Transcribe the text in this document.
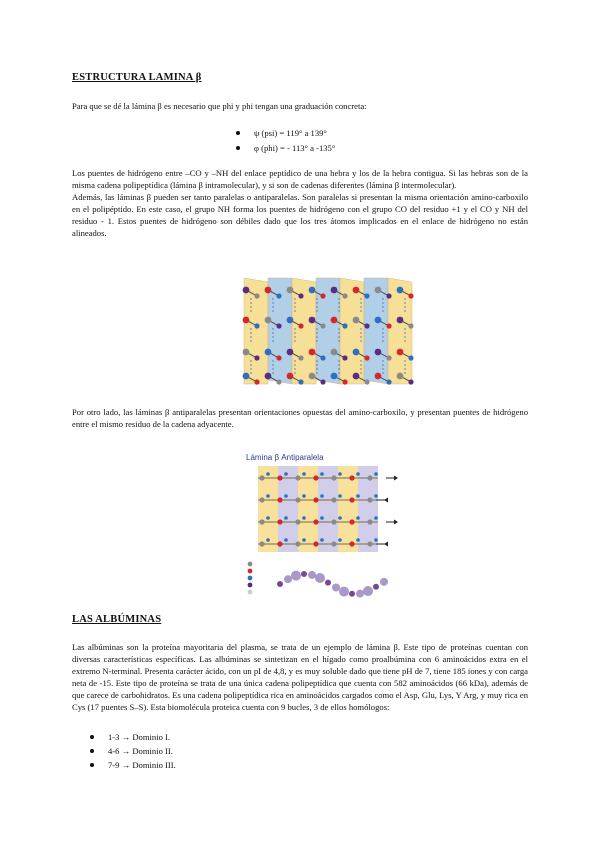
ESTRUCTURA LAMINA β

Para que se dé la lámina β es necesario que phi y phi tengan una graduación concreta:

ψ (psi) = 119° a 139°
φ (phi) = - 113° a -135°

Los puentes de hidrógeno entre –CO y –NH del enlace peptídico de una hebra y los de la hebra contigua. Si las hebras son de la misma cadena polipeptídica (lámina β intramolecular), y si son de cadenas diferentes (lámina β intermolecular).

Además, las láminas β pueden ser tanto paralelas o antiparalelas. Son paralelas si presentan la misma orientación amino-carboxilo en el polipéptido. En este caso, el grupo NH forma los puentes de hidrógeno con el grupo CO del residuo +1 y el CO y NH del residuo - 1. Estos puentes de hidrógeno son débiles dado que los tres átomos implicados en el enlace de hidrógeno no están alineados.

Por otro lado, las láminas β antiparalelas presentan orientaciones opuestas del amino-carboxilo, y presentan puentes de hidrógeno entre el mismo residuo de la cadena adyacente.

Lámina β Antiparalela
LAS ALBÚMINAS

Las albúminas son la proteína mayoritaria del plasma, se trata de un ejemplo de lámina β. Este tipo de proteínas cuentan con diversas características específicas. Las albúminas se sintetizan en el hígado como proalbúmina con 6 aminoácidos extra en el extremo N-terminal. Presenta carácter ácido, con un pI de 4,8, y es muy soluble dado que tiene pH de 7, tiene 185 iones y con carga neta de -15. Este tipo de proteína se trata de una única cadena polipeptídica que cuenta con 582 aminoácidos (66 kDa), además de que carece de carbohidratos. Es una cadena polipeptídica rica en aminoácidos cargados como el Asp, Glu, Lys, Y Arg, y muy rica en Cys (17 puentes S–S). Esta biomolécula proteica cuenta con 9 bucles, 3 de ellos homólogos:

1-3 → Dominio I.
4-6 → Dominio II.
7-9 → Dominio III.
